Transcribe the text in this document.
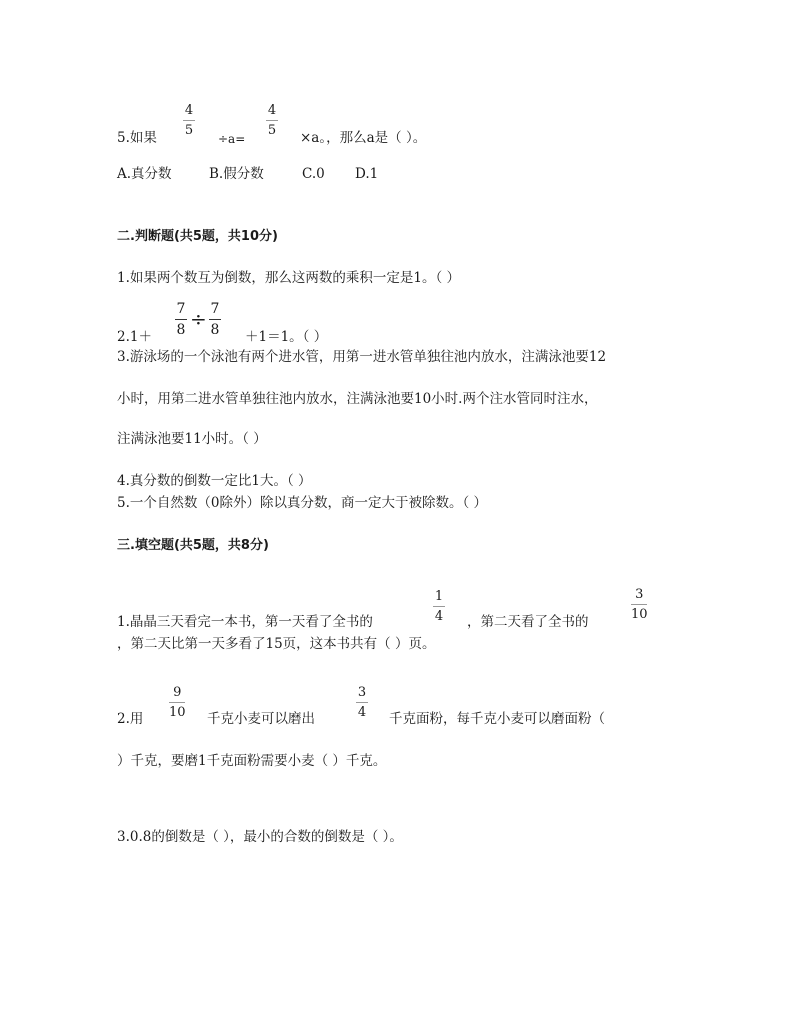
4
5
4
5
5.如果	÷a=	×a。，那么a是（ ）。
A.真分数	B.假分数	C.0 D.1
二.判断题(共5题，共10分)
1.如果两个数互为倒数，那么这两数的乘积一定是1。（ ）
7
8 ÷ 7
8
2.1＋	＋1＝1。（ ）
3.游泳场的一个泳池有两个进水管，用第一进水管单独往池内放水，注满泳池要12
小时，用第二进水管单独往池内放水，注满泳池要10小时.两个注水管同时注水，
注满泳池要11小时。（ ）
4.真分数的倒数一定比1大。（ ）
5.一个自然数（0除外）除以真分数，商一定大于被除数。（ ）
三.填空题(共5题，共8分)
1
4
3
10
1.晶晶三天看完一本书，第一天看了全书的	，第二天看了全书的
，第二天比第一天多看了15页，这本书共有（ ）页。
9
10
3
4
2.用	千克小麦可以磨出	千克面粉，每千克小麦可以磨面粉（
）千克，要磨1千克面粉需要小麦（ ）千克。
3.0.8的倒数是（ ），最小的合数的倒数是（ ）。
